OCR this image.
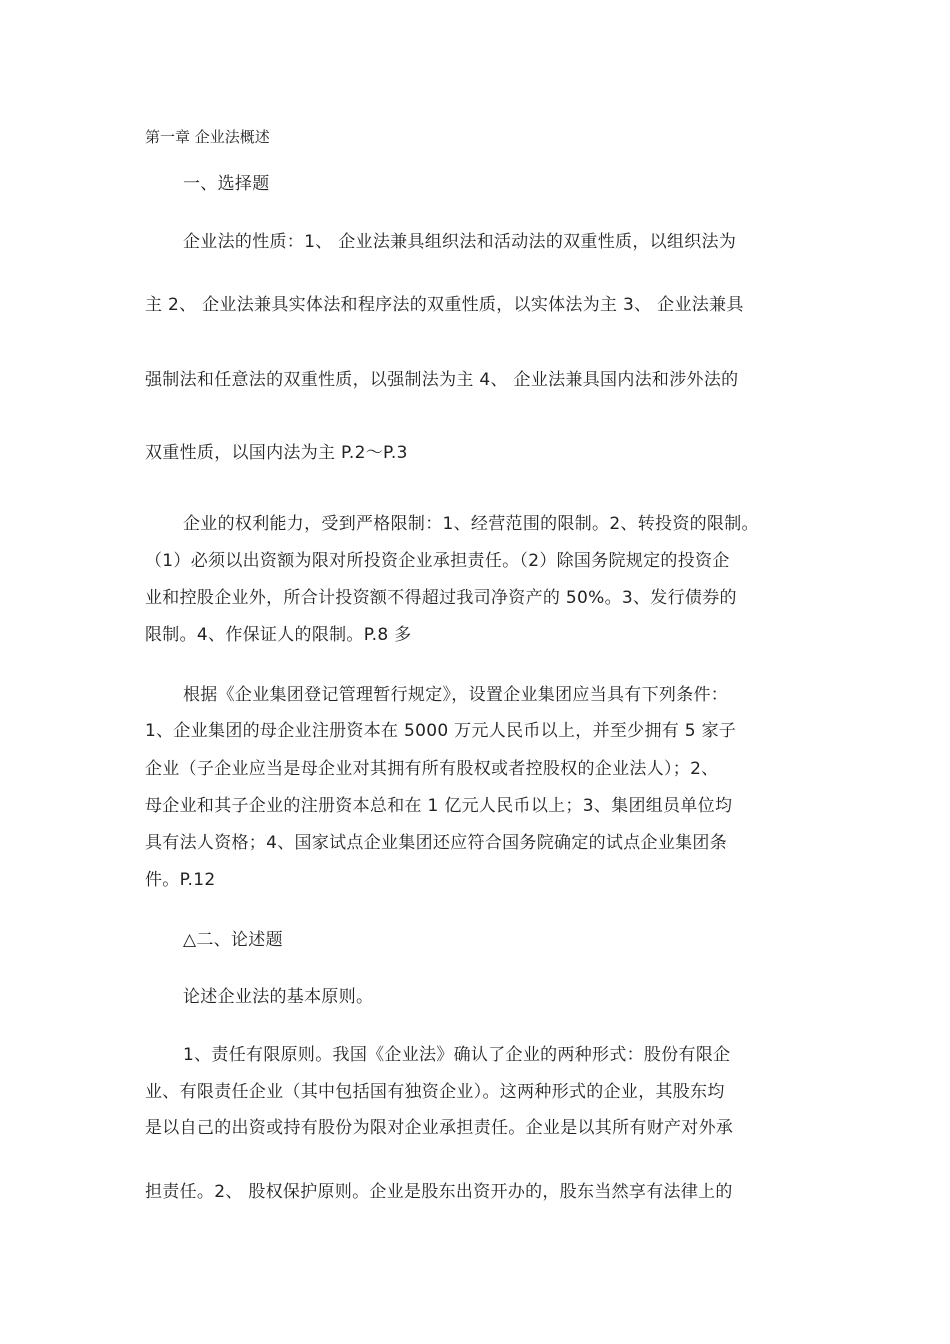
第一章 企业法概述
一、选择题
企业法的性质：1、 企业法兼具组织法和活动法的双重性质，以组织法为
主 2、 企业法兼具实体法和程序法的双重性质，以实体法为主 3、 企业法兼具
强制法和任意法的双重性质，以强制法为主 4、 企业法兼具国内法和涉外法的
双重性质，以国内法为主 P.2～P.3
企业的权利能力，受到严格限制：1、经营范围的限制。2、转投资的限制。
（1）必须以出资额为限对所投资企业承担责任。（2）除国务院规定的投资企
业和控股企业外，所合计投资额不得超过我司净资产的 50%。3、发行债券的
限制。4、作保证人的限制。P.8 多
根据《企业集团登记管理暂行规定》，设置企业集团应当具有下列条件：
1、企业集团的母企业注册资本在 5000 万元人民币以上，并至少拥有 5 家子
企业（子企业应当是母企业对其拥有所有股权或者控股权的企业法人）；2、
母企业和其子企业的注册资本总和在 1 亿元人民币以上；3、集团组员单位均
具有法人资格；4、国家试点企业集团还应符合国务院确定的试点企业集团条
件。P.12
△二、论述题
论述企业法的基本原则。
1、责任有限原则。我国《企业法》确认了企业的两种形式：股份有限企
业、有限责任企业（其中包括国有独资企业）。这两种形式的企业，其股东均
是以自己的出资或持有股份为限对企业承担责任。企业是以其所有财产对外承
担责任。2、 股权保护原则。企业是股东出资开办的，股东当然享有法律上的
